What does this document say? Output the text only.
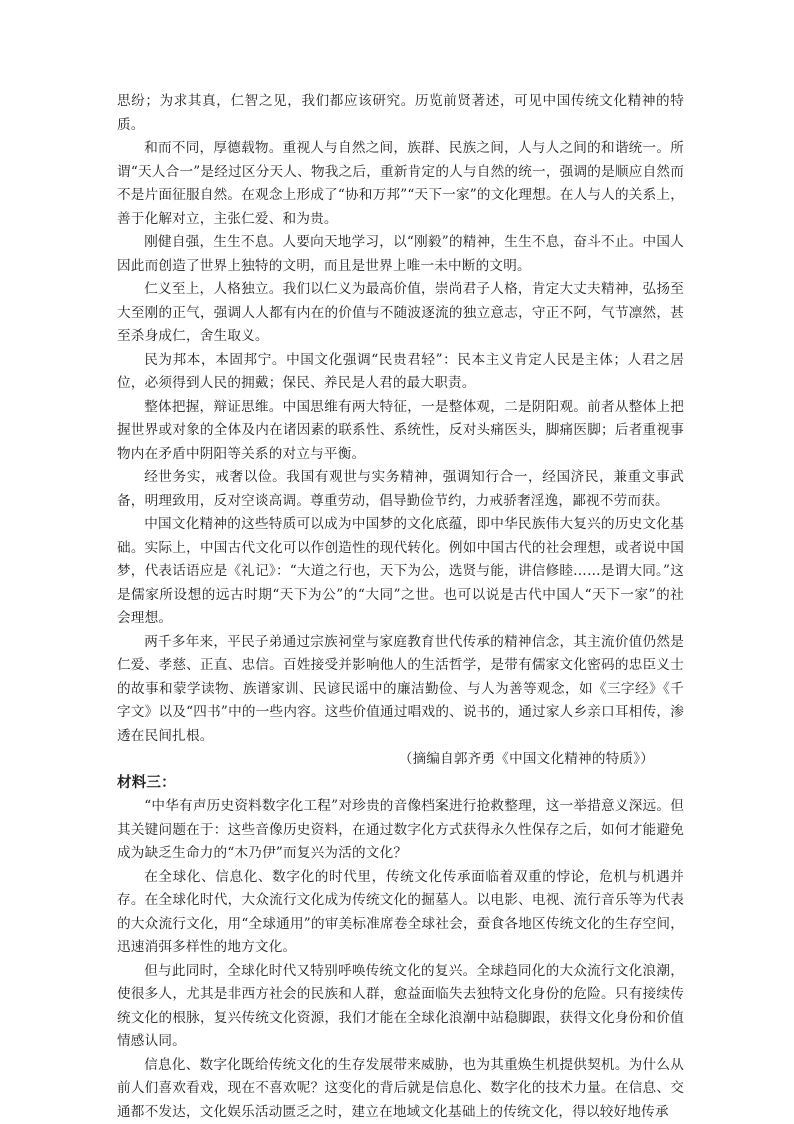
思纷；为求其真，仁智之见，我们都应该研究。历览前贤著述，可见中国传统文化精神的特质。

和而不同，厚德载物。重视人与自然之间，族群、民族之间，人与人之间的和谐统一。所谓“天人合一”是经过区分天人、物我之后，重新肯定的人与自然的统一，强调的是顺应自然而不是片面征服自然。在观念上形成了“协和万邦”“天下一家”的文化理想。在人与人的关系上，善于化解对立，主张仁爱、和为贵。

刚健自强，生生不息。人要向天地学习，以“刚毅”的精神，生生不息，奋斗不止。中国人因此而创造了世界上独特的文明，而且是世界上唯一未中断的文明。

仁义至上，人格独立。我们以仁义为最高价值，崇尚君子人格，肯定大丈夫精神，弘扬至大至刚的正气，强调人人都有内在的价值与不随波逐流的独立意志，守正不阿，气节凛然，甚至杀身成仁，舍生取义。

民为邦本，本固邦宁。中国文化强调“民贵君轻”：民本主义肯定人民是主体；人君之居位，必须得到人民的拥戴；保民、养民是人君的最大职责。

整体把握，辩证思维。中国思维有两大特征，一是整体观，二是阴阳观。前者从整体上把握世界或对象的全体及内在诸因素的联系性、系统性，反对头痛医头，脚痛医脚；后者重视事物内在矛盾中阴阳等关系的对立与平衡。

经世务实，戒奢以俭。我国有观世与实务精神，强调知行合一，经国济民，兼重文事武备，明理致用，反对空谈高调。尊重劳动，倡导勤俭节约，力戒骄奢淫逸，鄙视不劳而获。

中国文化精神的这些特质可以成为中国梦的文化底蕴，即中华民族伟大复兴的历史文化基础。实际上，中国古代文化可以作创造性的现代转化。例如中国古代的社会理想，或者说中国梦，代表话语应是《礼记》：“大道之行也，天下为公，选贤与能，讲信修睦……是谓大同。”这是儒家所设想的远古时期“天下为公”的“大同”之世。也可以说是古代中国人“天下一家”的社会理想。

两千多年来，平民子弟通过宗族祠堂与家庭教育世代传承的精神信念，其主流价值仍然是仁爱、孝慈、正直、忠信。百姓接受并影响他人的生活哲学，是带有儒家文化密码的忠臣义士的故事和蒙学读物、族谱家训、民谚民谣中的廉洁勤俭、与人为善等观念，如《三字经》《千字文》以及“四书”中的一些内容。这些价值通过唱戏的、说书的，通过家人乡亲口耳相传，渗透在民间扎根。

（摘编自郭齐勇《中国文化精神的特质》）

材料三：

“中华有声历史资料数字化工程”对珍贵的音像档案进行抢救整理，这一举措意义深远。但其关键问题在于：这些音像历史资料，在通过数字化方式获得永久性保存之后，如何才能避免成为缺乏生命力的“木乃伊”而复兴为活的文化？

在全球化、信息化、数字化的时代里，传统文化传承面临着双重的悖论，危机与机遇并存。在全球化时代，大众流行文化成为传统文化的掘墓人。以电影、电视、流行音乐等为代表的大众流行文化，用“全球通用”的审美标准席卷全球社会，蚕食各地区传统文化的生存空间，迅速消弭多样性的地方文化。

但与此同时，全球化时代又特别呼唤传统文化的复兴。全球趋同化的大众流行文化浪潮，使很多人，尤其是非西方社会的民族和人群，愈益面临失去独特文化身份的危险。只有接续传统文化的根脉，复兴传统文化资源，我们才能在全球化浪潮中站稳脚跟，获得文化身份和价值情感认同。

信息化、数字化既给传统文化的生存发展带来威胁，也为其重焕生机提供契机。为什么从前人们喜欢看戏，现在不喜欢呢？这变化的背后就是信息化、数字化的技术力量。在信息、交通都不发达，文化娱乐活动匮乏之时，建立在地域文化基础上的传统文化，得以较好地传承
